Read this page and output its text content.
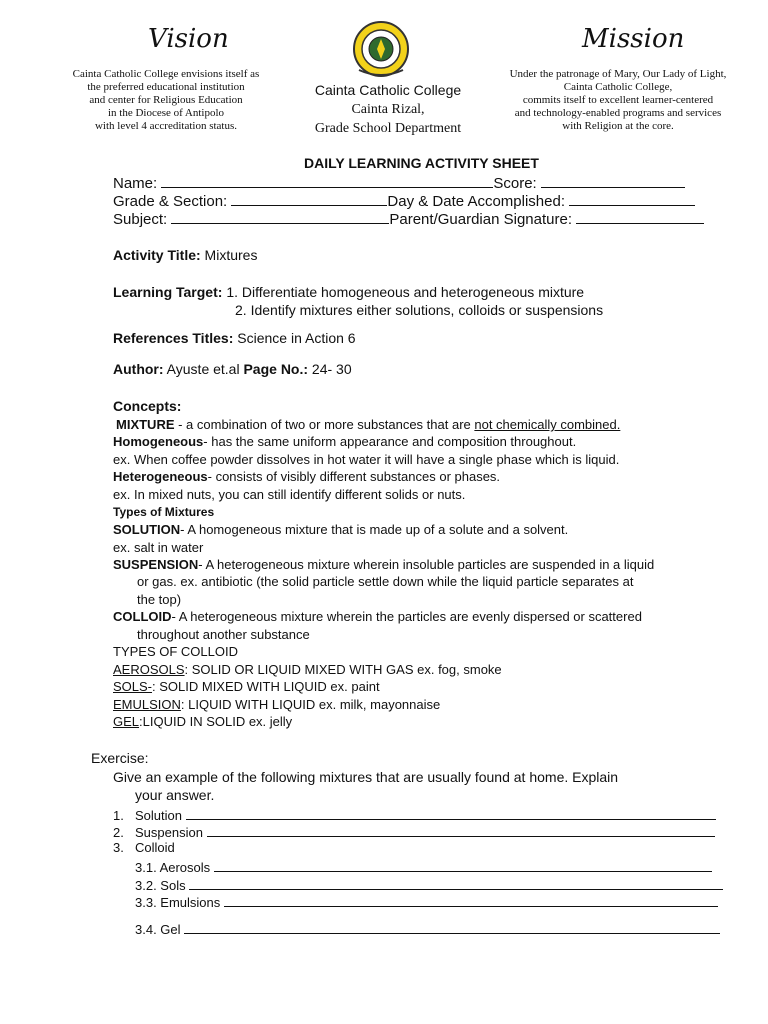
Vision
Cainta Catholic College envisions itself as
the preferred educational institution
and center for Religious Education
in the Diocese of Antipolo
with level 4 accreditation status.
Cainta Catholic College
Cainta Rizal,
Grade School Department
Mission
Under the patronage of Mary, Our Lady of Light,
Cainta Catholic College,
commits itself to excellent learner-centered
and technology-enabled programs and services
with Religion at the core.
DAILY LEARNING ACTIVITY SHEET
Name:	Score:
Grade & Section:	Day & Date Accomplished:
Subject:	Parent/Guardian Signature:
Activity Title: Mixtures
Learning Target: 1. Differentiate homogeneous and heterogeneous mixture
2. Identify mixtures either solutions, colloids or suspensions
References Titles: Science in Action 6
Author: Ayuste et.al Page No.: 24- 30
Concepts:
MIXTURE - a combination of two or more substances that are not chemically combined.
Homogeneous- has the same uniform appearance and composition throughout.
ex. When coffee powder dissolves in hot water it will have a single phase which is liquid.
Heterogeneous- consists of visibly different substances or phases.
ex. In mixed nuts, you can still identify different solids or nuts.
Types of Mixtures
SOLUTION- A homogeneous mixture that is made up of a solute and a solvent.
ex. salt in water
SUSPENSION- A heterogeneous mixture wherein insoluble particles are suspended in a liquid
or gas. ex. antibiotic (the solid particle settle down while the liquid particle separates at
the top)
COLLOID- A heterogeneous mixture wherein the particles are evenly dispersed or scattered
throughout another substance
TYPES OF COLLOID
AEROSOLS: SOLID OR LIQUID MIXED WITH GAS ex. fog, smoke
SOLS-: SOLID MIXED WITH LIQUID ex. paint
EMULSION: LIQUID WITH LIQUID ex. milk, mayonnaise
GEL:LIQUID IN SOLID ex. jelly
Exercise:
Give an example of the following mixtures that are usually found at home. Explain
your answer.
1. Solution
2. Suspension
3. Colloid
3.1. Aerosols
3.2. Sols
3.3. Emulsions
3.4. Gel
